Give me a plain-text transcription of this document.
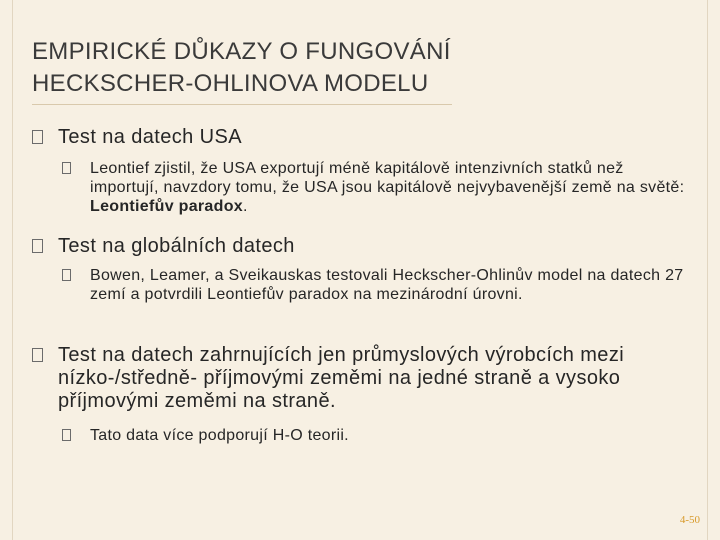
EMPIRICKÉ DŮKAZY O FUNGOVÁNÍ
HECKSCHER-OHLINOVA MODELU
Test na datech USA
Leontief zjistil, že USA exportují méně kapitálově intenzivních statků než importují, navzdory tomu, že USA jsou kapitálově nejvybavenější země na světě: Leontiefův paradox.
Test na globálních datech
Bowen, Leamer, a Sveikauskas testovali Heckscher-Ohlinův model na datech 27 zemí a potvrdili Leontiefův paradox na mezinárodní úrovni.
Test na datech zahrnujících jen průmyslových výrobcích mezi nízko-/středně- příjmovými zeměmi na jedné straně a vysoko příjmovými zeměmi na straně.
Tato data více podporují H-O teorii.
4-50
